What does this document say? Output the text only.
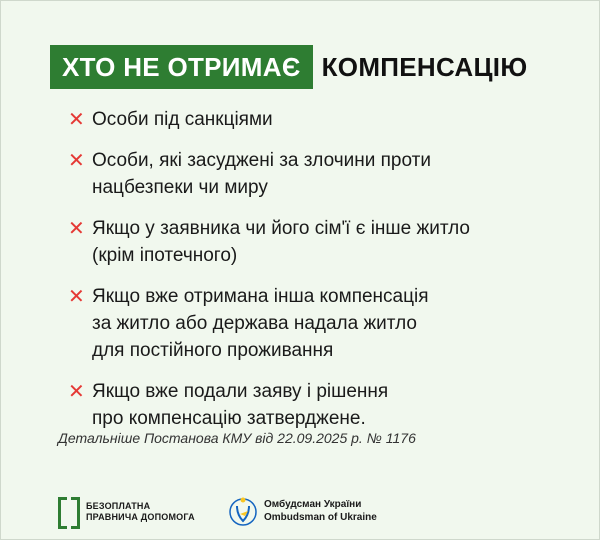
ХТО НЕ ОТРИМАЄ КОМПЕНСАЦІЮ
✕ Особи під санкціями
✕ Особи, які засуджені за злочини проти
нацбезпеки чи миру
✕ Якщо у заявника чи його сім'ї є інше житло
(крім іпотечного)
✕ Якщо вже отримана інша компенсація
за житло або держава надала житло
для постійного проживання
✕ Якщо вже подали заяву і рішення
про компенсацію затверджене.
Детальніше Постанова КМУ від 22.09.2025 р. № 1176
БЕЗОПЛАТНА
ПРАВНИЧА ДОПОМОГА
Омбудсман України
Ombudsman of Ukraine
